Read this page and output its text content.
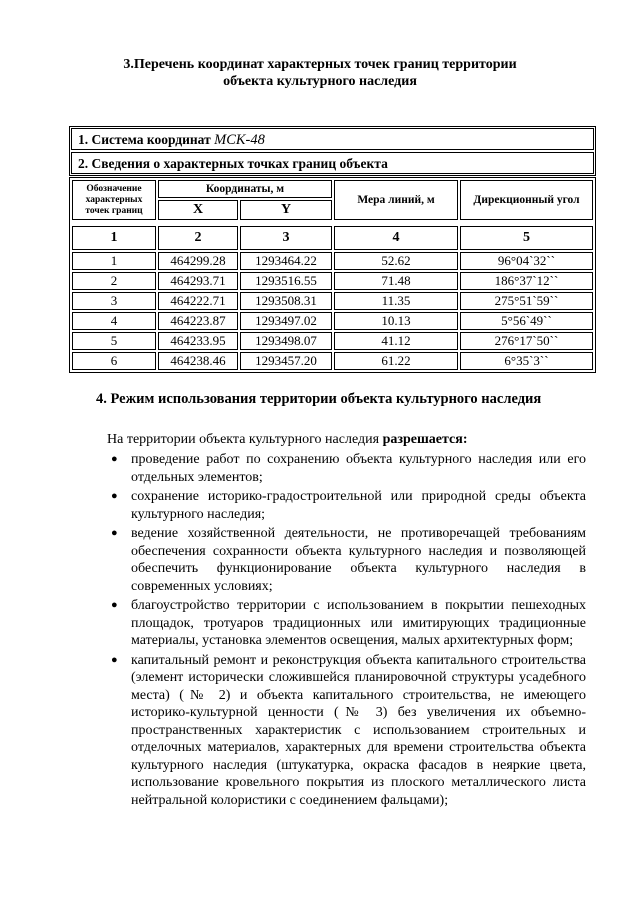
3.Перечень координат характерных точек границ территории
объекта культурного наследия
1. Система координат МСК-48
2. Сведения о характерных точках границ объекта
Обозначение характерных точек границ	Координаты, м		Мера линий, м	Дирекционный угол
	X	Y		

1	2	3	4	5
1	464299.28	1293464.22	52.62	96°04`32``
2	464293.71	1293516.55	71.48	186°37`12``
3	464222.71	1293508.31	11.35	275°51`59``
4	464223.87	1293497.02	10.13	5°56`49``
5	464233.95	1293498.07	41.12	276°17`50``
6	464238.46	1293457.20	61.22	6°35`3``
4. Режим использования территории объекта культурного наследия
На территории объекта культурного наследия разрешается:
● проведение работ по сохранению объекта культурного наследия или его отдельных элементов;
● сохранение историко-градостроительной или природной среды объекта культурного наследия;
● ведение хозяйственной деятельности, не противоречащей требованиям обеспечения сохранности объекта культурного наследия и позволяющей обеспечить функционирование объекта культурного наследия в современных условиях;
● благоустройство территории с использованием в покрытии пешеходных площадок, тротуаров традиционных или имитирующих традиционные материалы, установка элементов освещения, малых архитектурных форм;
● капитальный ремонт и реконструкция объекта капитального строительства (элемент исторически сложившейся планировочной структуры усадебного места) (№ 2) и объекта капитального строительства, не имеющего историко-культурной ценности (№ 3) без увеличения их объемно-пространственных характеристик с использованием строительных и отделочных материалов, характерных для времени строительства объекта культурного наследия (штукатурка, окраска фасадов в неяркие цвета, использование кровельного покрытия из плоского металлического листа нейтральной колористики с соединением фальцами);
